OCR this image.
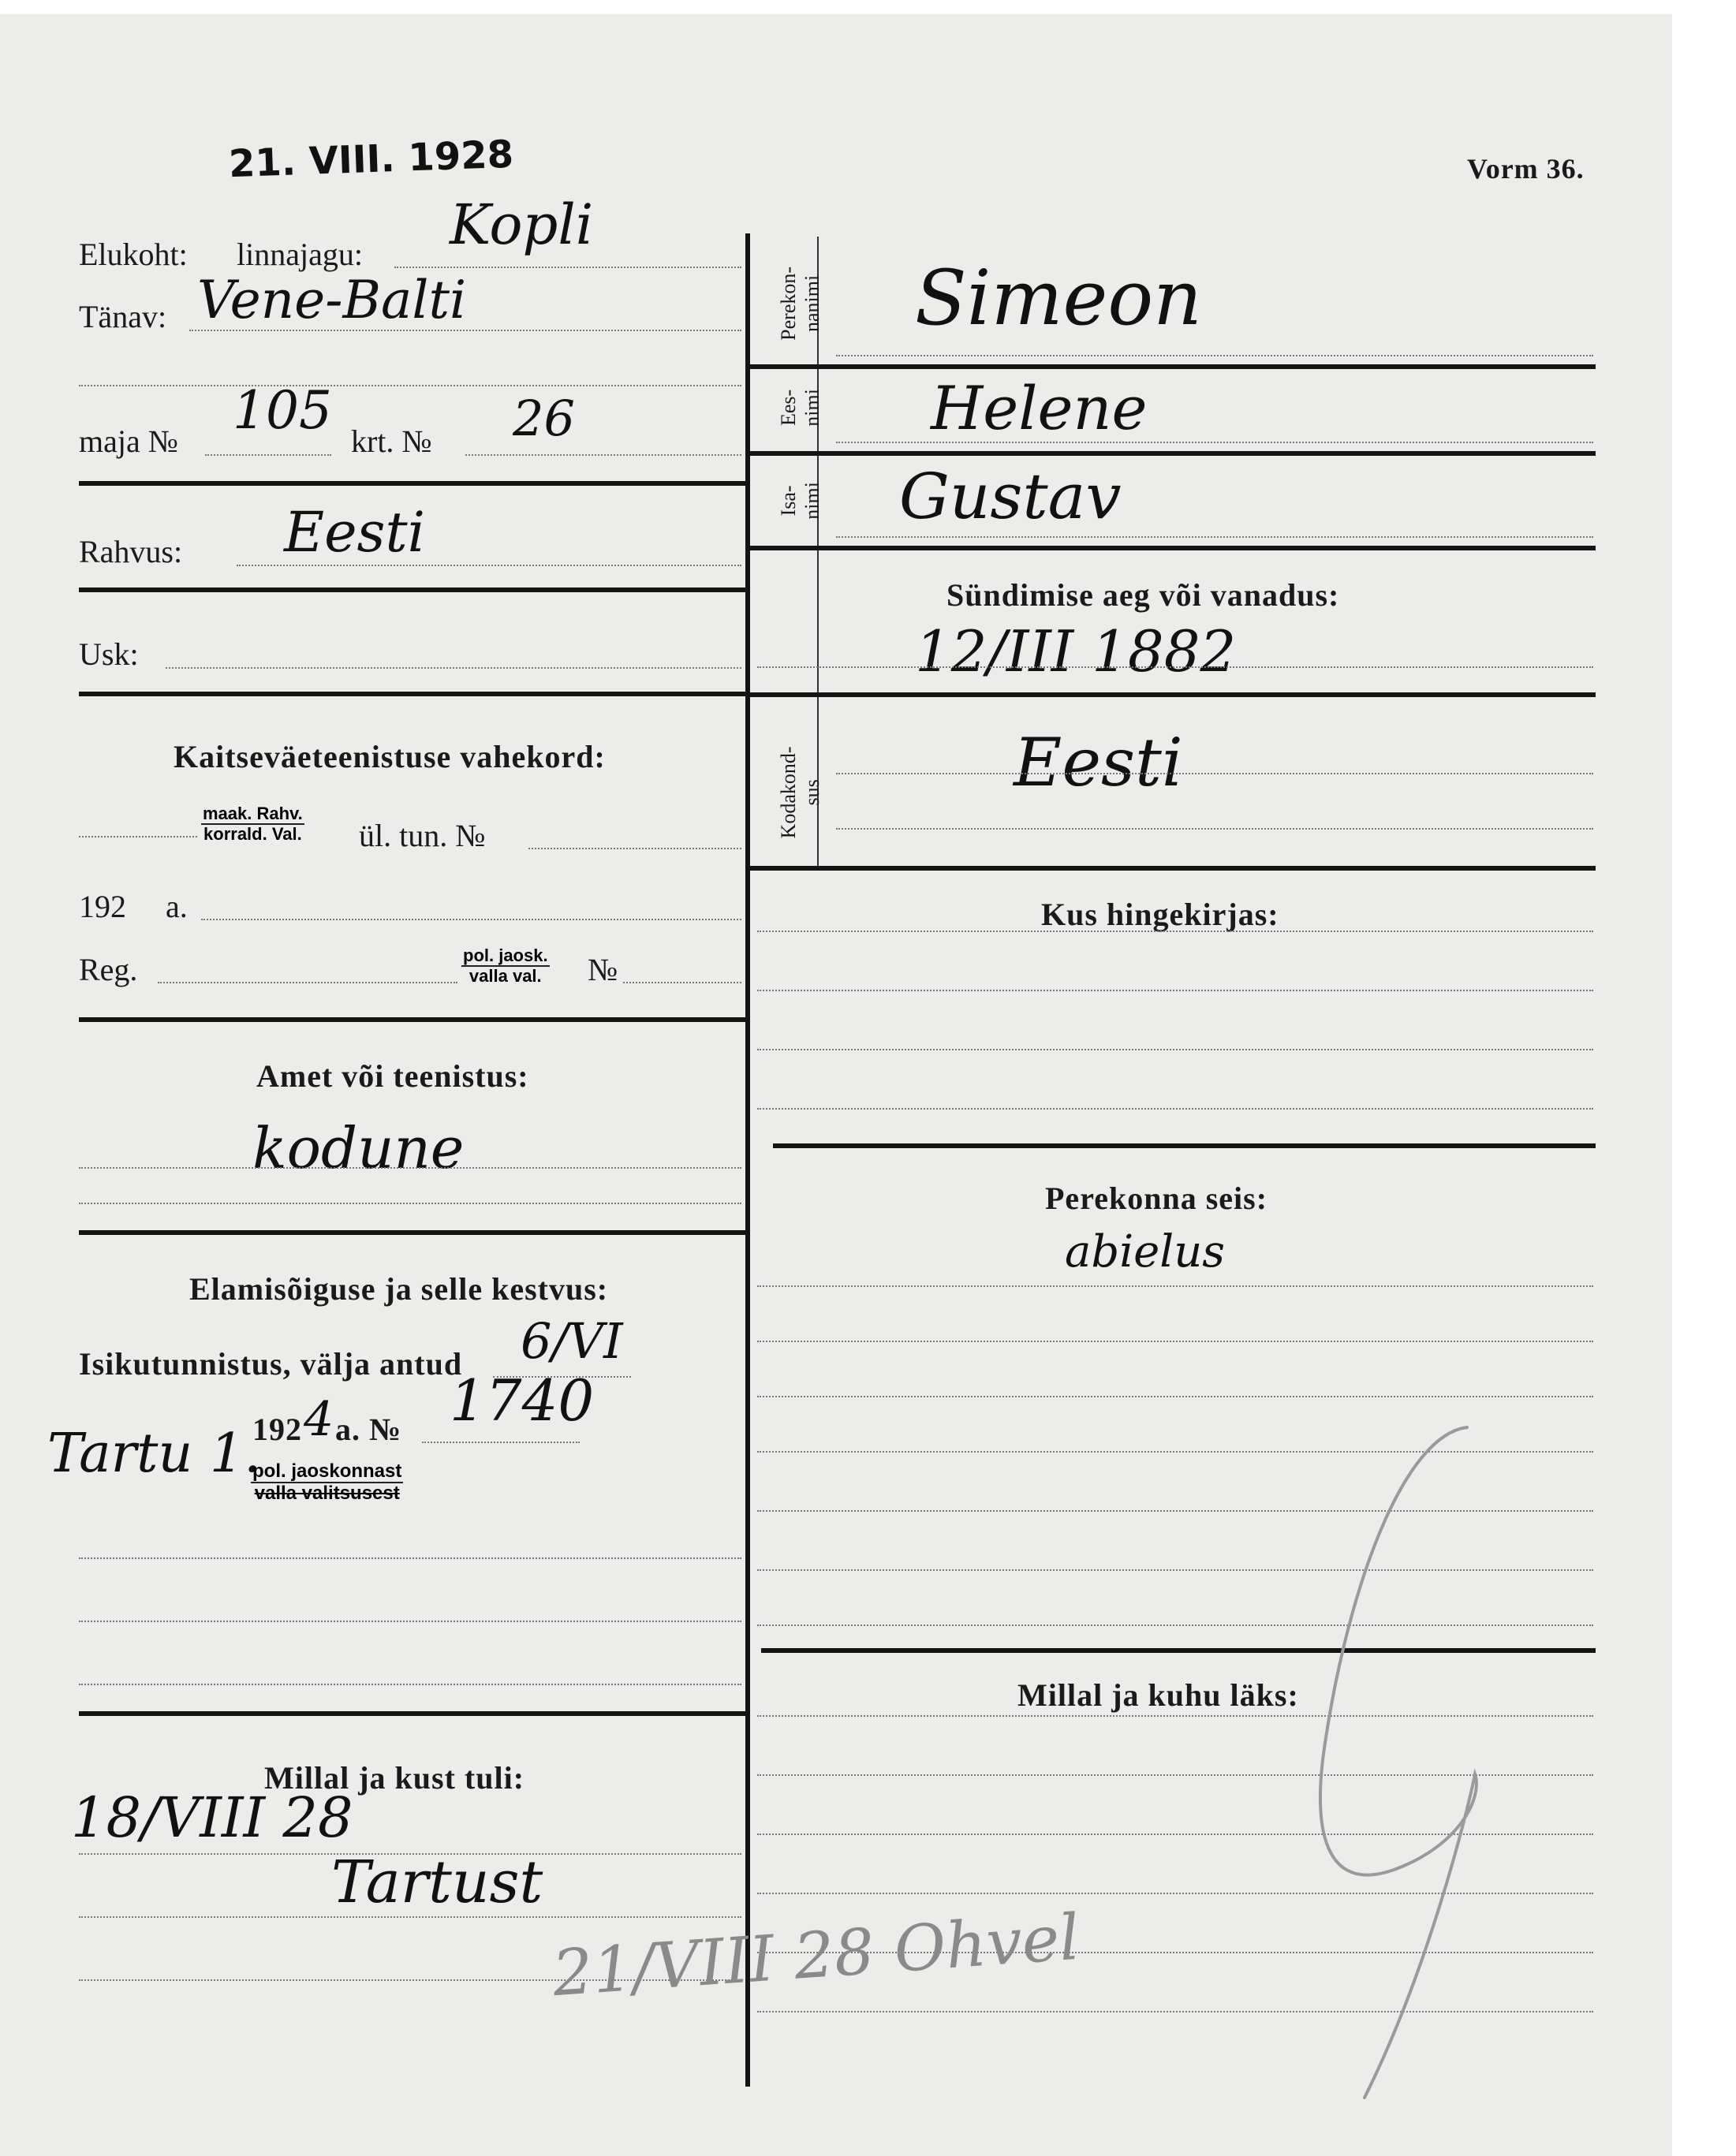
21. VIII. 1928	Vorm 36.
Elukoht: linnajagu: Kopli
Tänav: Vene-Balti
maja №
105
krt. № 26
Rahvus: Eesti
Usk:
Kaitseväeteenistuse vahekord:
maak. Rahv.
korrald. Val. ül. tun. №
192 a.
Reg.	pol. jaosk.
valla val. №
Amet või teenistus:
kodune
Elamisõiguse ja selle kestvus:
Isikutunnistus, välja antud 6/VI
192 4 a. № 1740
Tartu 1.
pol. jaoskonnast
valla valitsusest
Millal ja kust tuli:
18/VIII 28
Tartust
Perekon-
nanimi Simeon
Ees-
nimi Helene
Isa-
nimi Gustav
Sündimise aeg või vanadus:
12/III 1882
Kodakond-
sus	Eesti
Kus hingekirjas:
Perekonna seis:
abielus
Millal ja kuhu läks:
21/VIII 28 Ohvel
